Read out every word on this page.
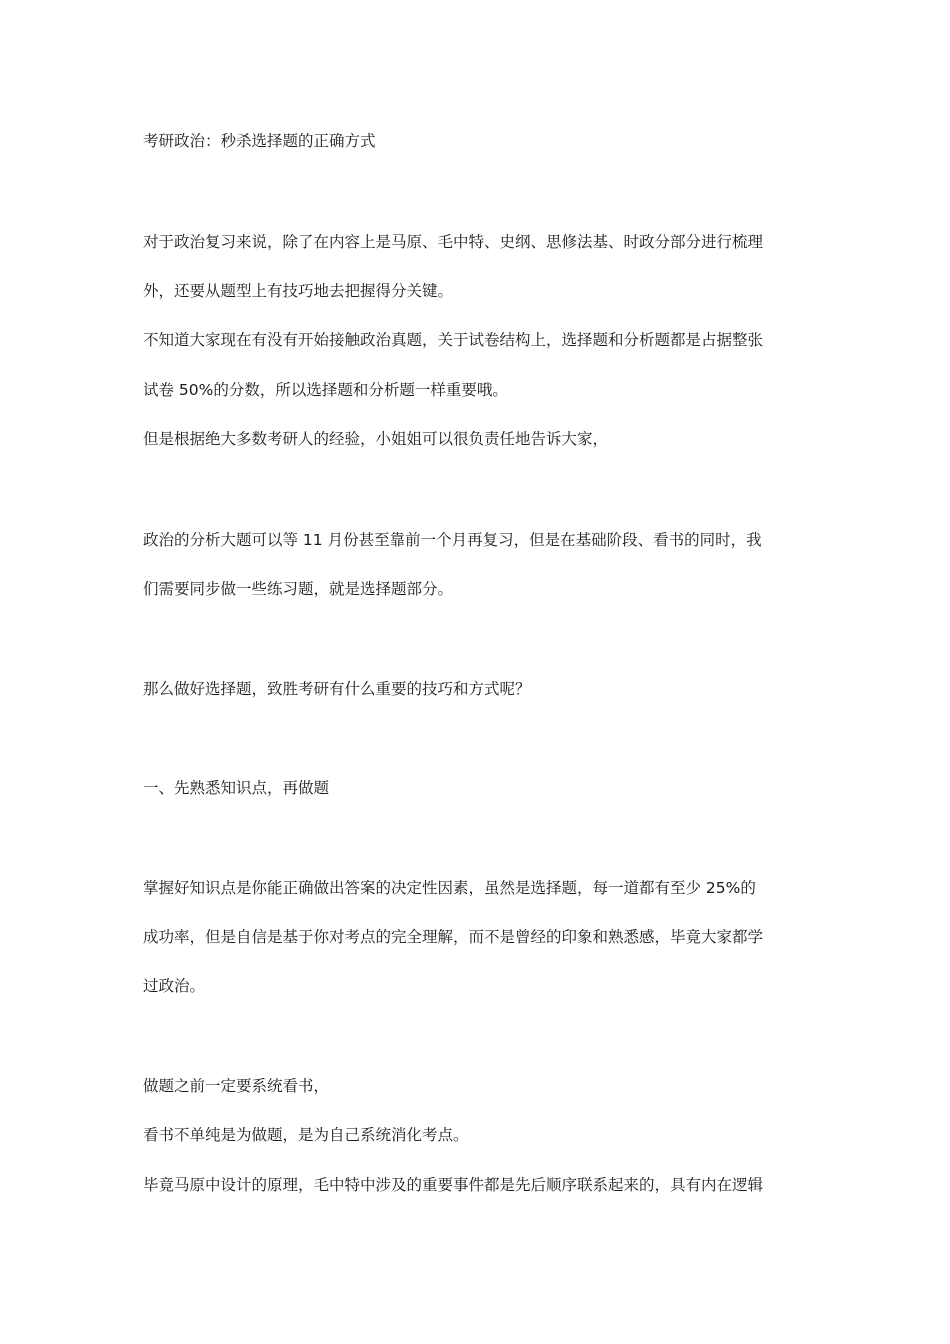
考研政治：秒杀选择题的正确方式
对于政治复习来说，除了在内容上是马原、毛中特、史纲、思修法基、时政分部分进行梳理
外，还要从题型上有技巧地去把握得分关键。
不知道大家现在有没有开始接触政治真题，关于试卷结构上，选择题和分析题都是占据整张
试卷 50%的分数，所以选择题和分析题一样重要哦。
但是根据绝大多数考研人的经验，小姐姐可以很负责任地告诉大家，
政治的分析大题可以等 11 月份甚至靠前一个月再复习，但是在基础阶段、看书的同时，我
们需要同步做一些练习题，就是选择题部分。
那么做好选择题，致胜考研有什么重要的技巧和方式呢？
一、先熟悉知识点，再做题
掌握好知识点是你能正确做出答案的决定性因素，虽然是选择题，每一道都有至少 25%的
成功率，但是自信是基于你对考点的完全理解，而不是曾经的印象和熟悉感，毕竟大家都学
过政治。
做题之前一定要系统看书，
看书不单纯是为做题，是为自己系统消化考点。
毕竟马原中设计的原理，毛中特中涉及的重要事件都是先后顺序联系起来的，具有内在逻辑
